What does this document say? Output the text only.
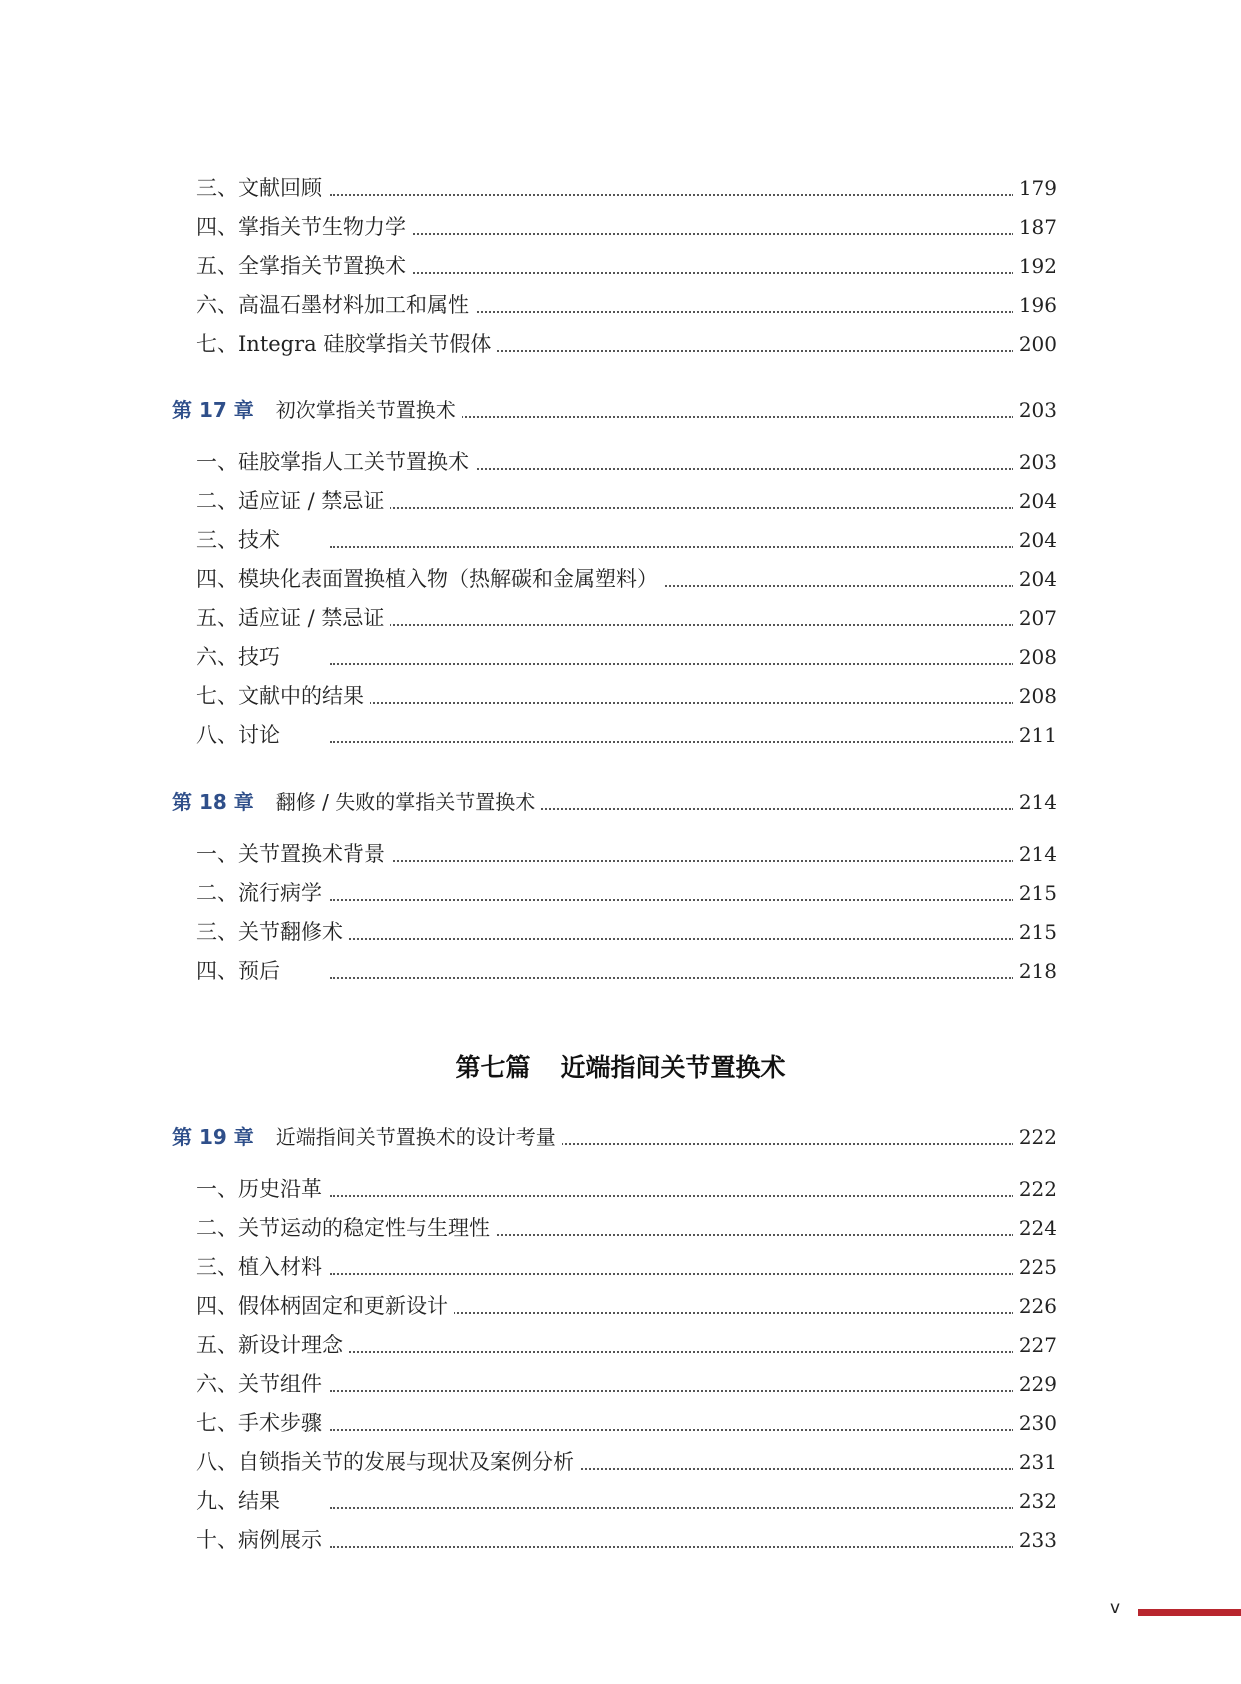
三、文献回顾	179
四、掌指关节生物力学	187
五、全掌指关节置换术	192
六、高温石墨材料加工和属性	196
七、Integra 硅胶掌指关节假体	200
第 17 章 初次掌指关节置换术	203
一、硅胶掌指人工关节置换术	203
二、适应证 / 禁忌证	204
三、技术	204
四、模块化表面置换植入物（热解碳和金属塑料）	204
五、适应证 / 禁忌证	207
六、技巧	208
七、文献中的结果	208
八、讨论	211
第 18 章 翻修 / 失败的掌指关节置换术	214
一、关节置换术背景	214
二、流行病学	215
三、关节翻修术	215
四、预后	218
第七篇 近端指间关节置换术
第 19 章 近端指间关节置换术的设计考量	222
一、历史沿革	222
二、关节运动的稳定性与生理性	224
三、植入材料	225
四、假体柄固定和更新设计	226
五、新设计理念	227
六、关节组件	229
七、手术步骤	230
八、自锁指关节的发展与现状及案例分析	231
九、结果	232
十、病例展示	233
v
